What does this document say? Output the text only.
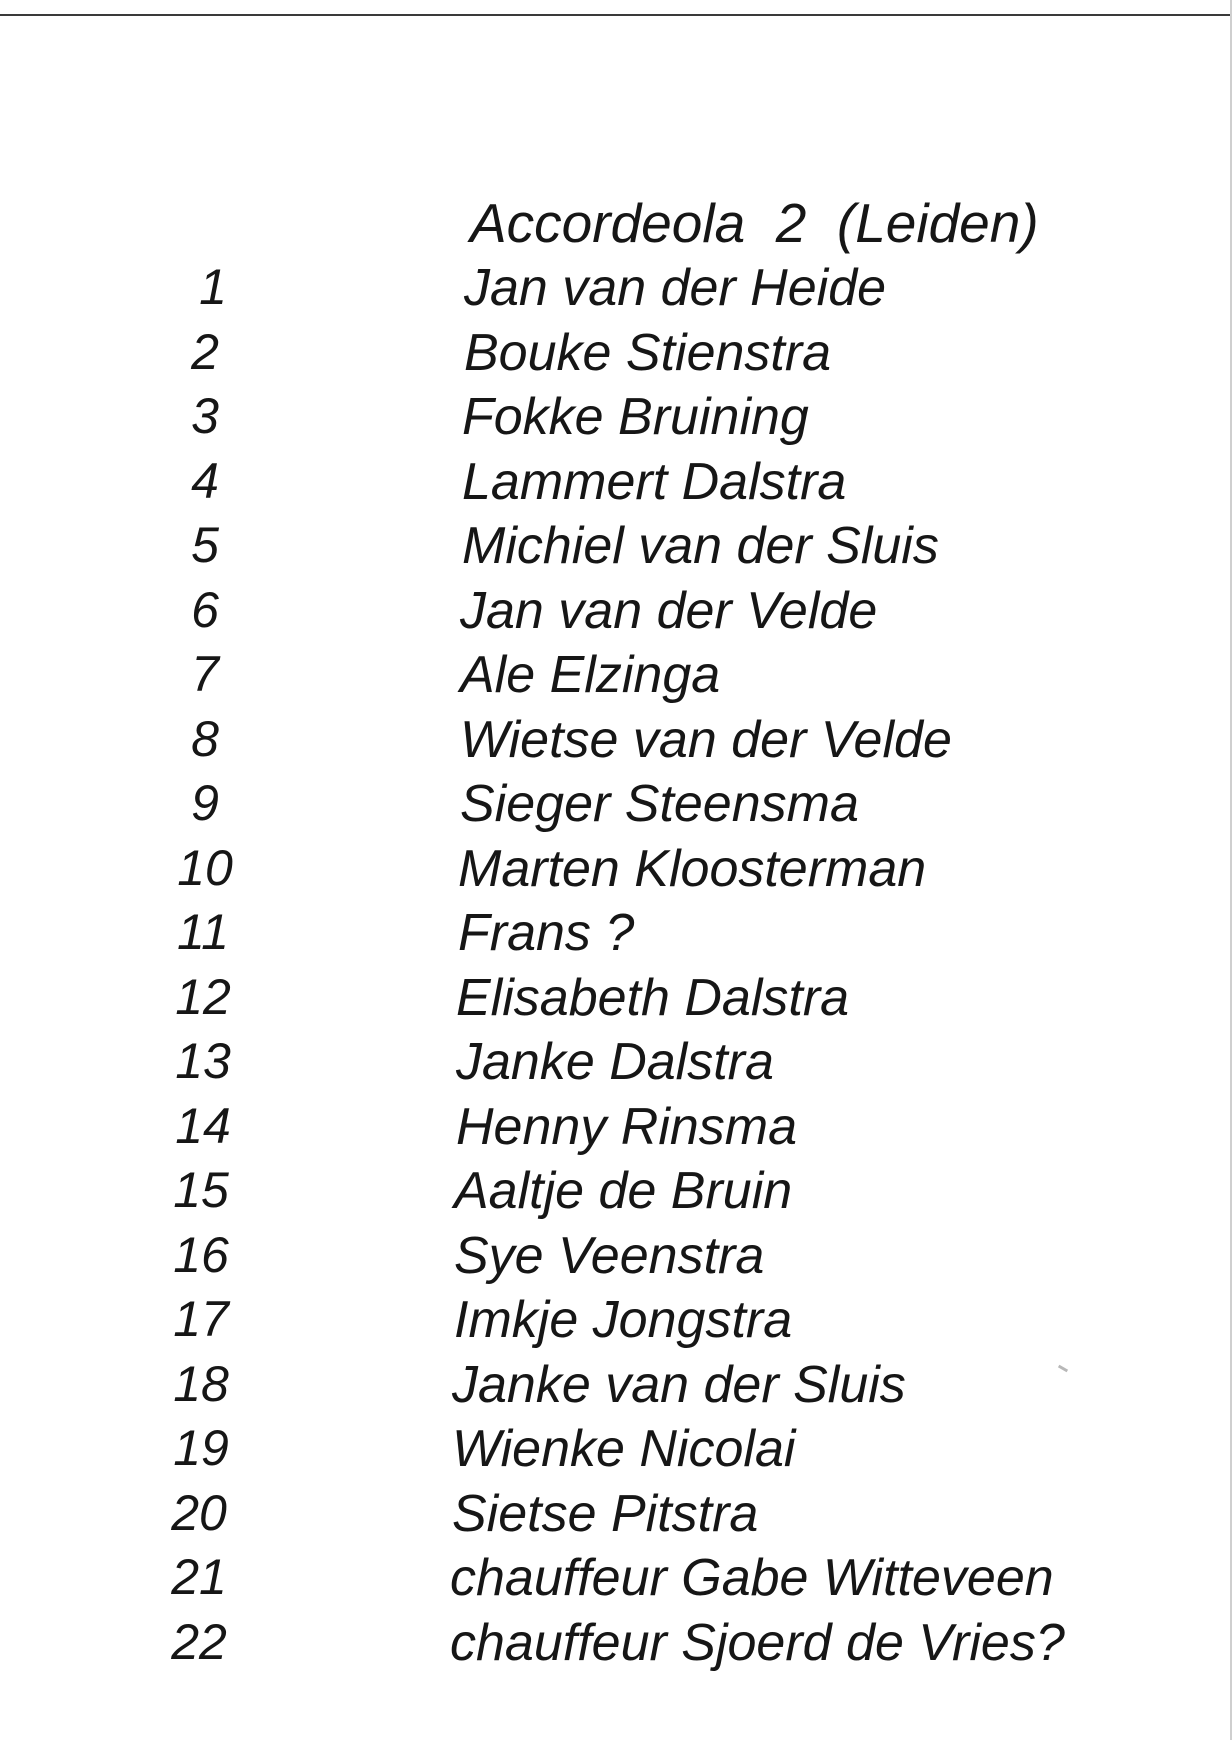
Accordeola  2  (Leiden)
1	Jan van der Heide
2	Bouke Stienstra
3	Fokke Bruining
4	Lammert Dalstra
5	Michiel van der Sluis
6	Jan van der Velde
7	Ale Elzinga
8	Wietse van der Velde
9	Sieger Steensma
10	Marten Kloosterman
11	Frans ?
12	Elisabeth Dalstra
13	Janke Dalstra
14	Henny Rinsma
15	Aaltje de Bruin
16	Sye Veenstra
17	Imkje Jongstra
18	Janke van der Sluis
19	Wienke Nicolai
20	Sietse Pitstra
21	chauffeur Gabe Witteveen
22	chauffeur Sjoerd de Vries?
